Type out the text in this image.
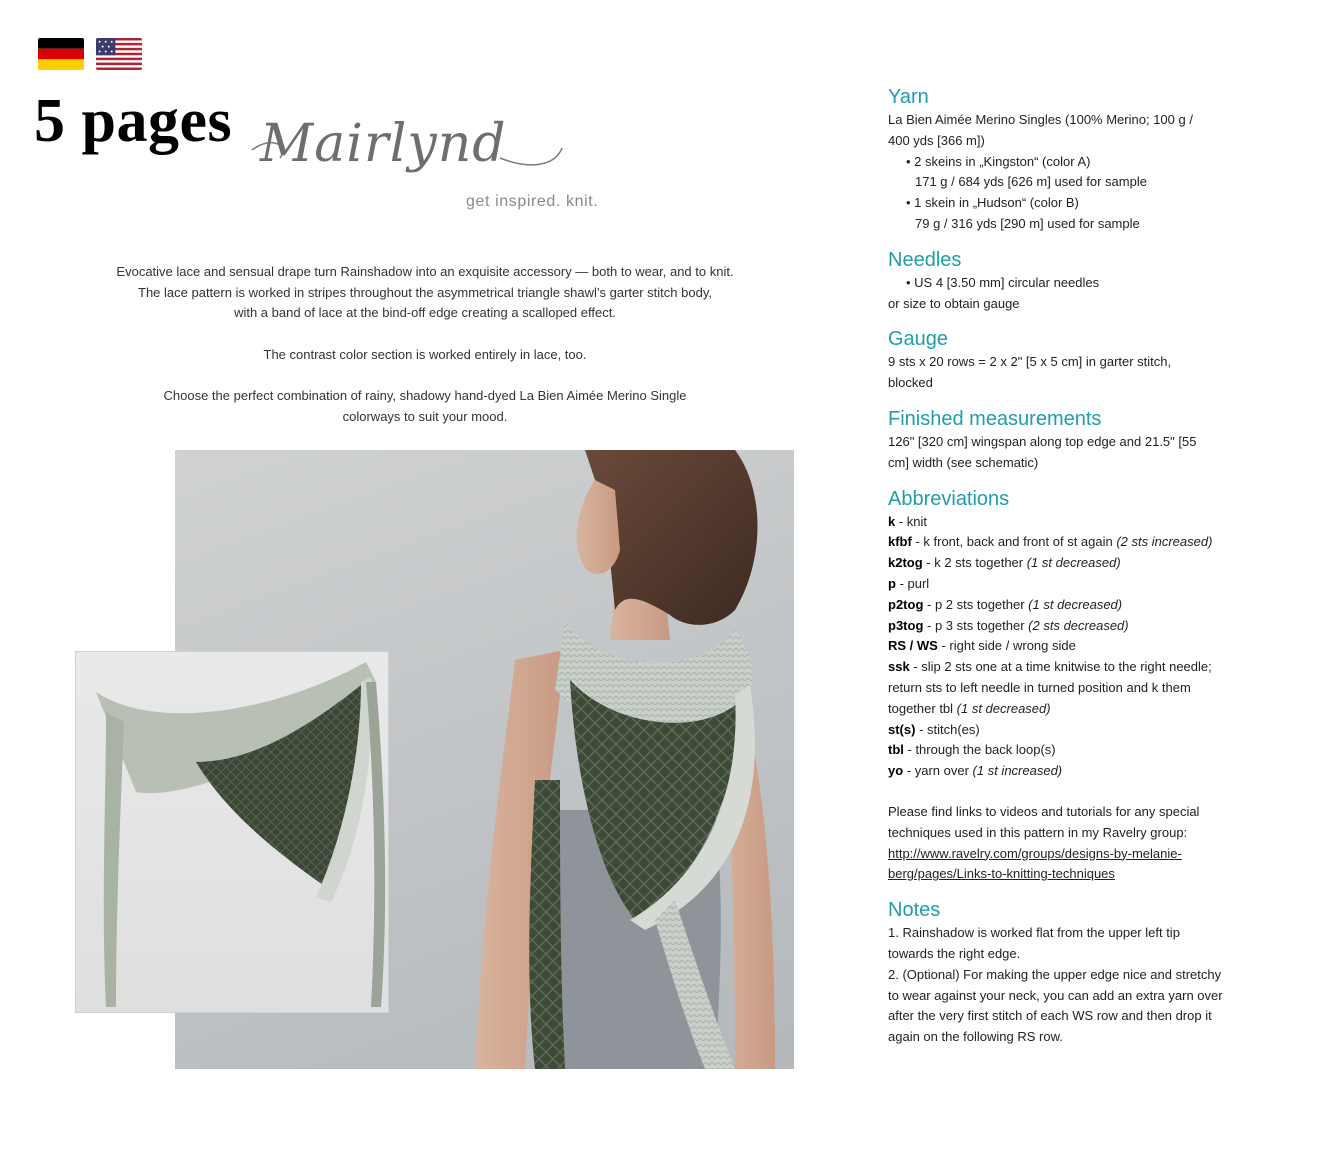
5 pages Mairlynd
get inspired. knit.

Evocative lace and sensual drape turn Rainshadow into an exquisite accessory — both to wear, and to knit.
The lace pattern is worked in stripes throughout the asymmetrical triangle shawl’s garter stitch body,
with a band of lace at the bind-off edge creating a scalloped effect.

The contrast color section is worked entirely in lace, too.

Choose the perfect combination of rainy, shadowy hand-dyed La Bien Aimée Merino Single
colorways to suit your mood.

Yarn
La Bien Aimée Merino Singles (100% Merino; 100 g /
400 yds [366 m])
• 2 skeins in „Kingston“ (color A)
171 g / 684 yds [626 m] used for sample
• 1 skein in „Hudson“ (color B)
79 g / 316 yds [290 m] used for sample
Needles
• US 4 [3.50 mm] circular needles
or size to obtain gauge
Gauge
9 sts x 20 rows = 2 x 2" [5 x 5 cm] in garter stitch,
blocked
Finished measurements
126" [320 cm] wingspan along top edge and 21.5" [55
cm] width (see schematic)
Abbreviations
k - knit
kfbf - k front, back and front of st again (2 sts increased)
k2tog - k 2 sts together (1 st decreased)
p - purl
p2tog - p 2 sts together (1 st decreased)
p3tog - p 3 sts together (2 sts decreased)
RS / WS - right side / wrong side
ssk - slip 2 sts one at a time knitwise to the right needle;
return sts to left needle in turned position and k them
together tbl (1 st decreased)
st(s) - stitch(es)
tbl - through the back loop(s)
yo - yarn over (1 st increased)
Please find links to videos and tutorials for any special
techniques used in this pattern in my Ravelry group:
http://www.ravelry.com/groups/designs-by-melanie-
berg/pages/Links-to-knitting-techniques
Notes
1. Rainshadow is worked flat from the upper left tip
towards the right edge.
2. (Optional) For making the upper edge nice and stretchy
to wear against your neck, you can add an extra yarn over
after the very first stitch of each WS row and then drop it
again on the following RS row.
